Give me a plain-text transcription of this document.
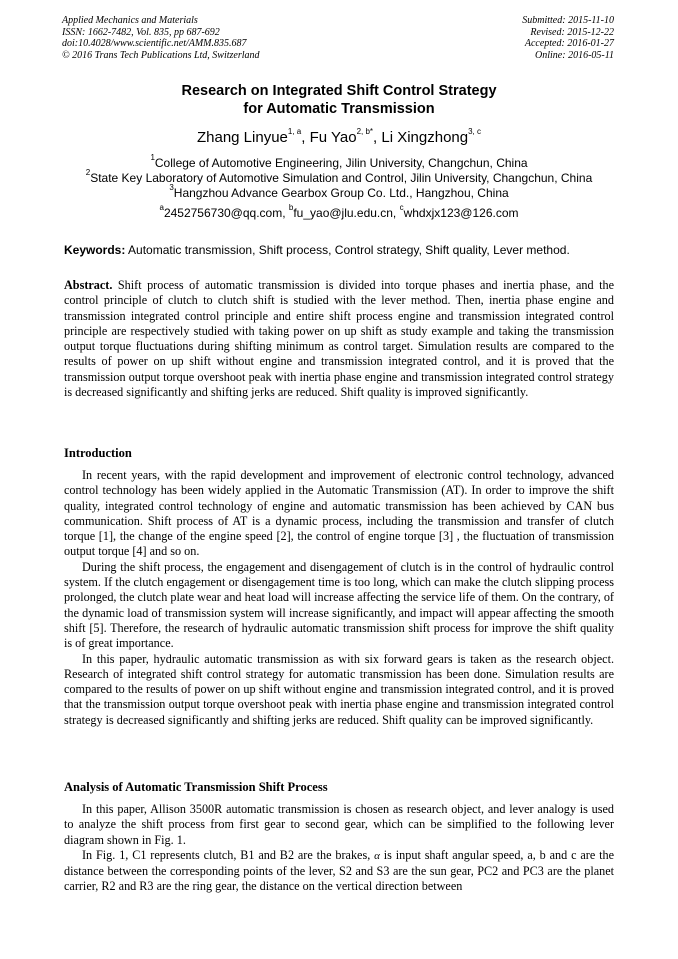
Applied Mechanics and Materials
ISSN: 1662-7482, Vol. 835, pp 687-692
doi:10.4028/www.scientific.net/AMM.835.687
© 2016 Trans Tech Publications Ltd, Switzerland
Submitted: 2015-11-10
Revised: 2015-12-22
Accepted: 2016-01-27
Online: 2016-05-11
Research on Integrated Shift Control Strategy
for Automatic Transmission
Zhang Linyue$^{1, a}$, Fu Yao$^{2, b*}$, Li Xingzhong$^{3, c}$
$^1$College of Automotive Engineering, Jilin University, Changchun, China
$^2$State Key Laboratory of Automotive Simulation and Control, Jilin University, Changchun, China
$^3$Hangzhou Advance Gearbox Group Co. Ltd., Hangzhou, China
$^a$2452756730@qq.com, $^b$fu_yao@jlu.edu.cn, $^c$whdxjx123@126.com
Keywords: Automatic transmission, Shift process, Control strategy, Shift quality, Lever method.

Abstract. Shift process of automatic transmission is divided into torque phases and inertia phase, and the control principle of clutch to clutch shift is studied with the lever method. Then, inertia phase engine and transmission integrated control principle and entire shift process engine and transmission integrated control principle are respectively studied with taking power on up shift as study example and taking the transmission output torque fluctuations during shifting minimum as control target. Simulation results are compared to the results of power on up shift without engine and transmission integrated control, and it is proved that the transmission output torque overshoot peak with inertia phase engine and transmission integrated control strategy is decreased significantly and shifting jerks are reduced. Shift quality is improved significantly.

Introduction

In recent years, with the rapid development and improvement of electronic control technology, advanced control technology has been widely applied in the Automatic Transmission (AT). In order to improve the shift quality, integrated control technology of engine and automatic transmission has been achieved by CAN bus communication. Shift process of AT is a dynamic process, including the transmission and transfer of clutch torque [1], the change of the engine speed [2], the control of engine torque [3] , the fluctuation of transmission output torque [4] and so on.

During the shift process, the engagement and disengagement of clutch is in the control of hydraulic control system. If the clutch engagement or disengagement time is too long, which can make the clutch slipping process prolonged, the clutch plate wear and heat load will increase affecting the service life of them. On the contrary, of the dynamic load of transmission system will increase significantly, and impact will appear affecting the smooth shift [5]. Therefore, the research of hydraulic automatic transmission shift process for improve the shift quality is of great importance.

In this paper, hydraulic automatic transmission as with six forward gears is taken as the research object. Research of integrated shift control strategy for automatic transmission has been done. Simulation results are compared to the results of power on up shift without engine and transmission integrated control, and it is proved that the transmission output torque overshoot peak with inertia phase engine and transmission integrated control strategy is decreased significantly and shifting jerks are reduced. Shift quality can be improved significantly.

Analysis of Automatic Transmission Shift Process

In this paper, Allison 3500R automatic transmission is chosen as research object, and lever analogy is used to analyze the shift process from first gear to second gear, which can be simplified to the following lever diagram shown in Fig. 1.

In Fig. 1, C1 represents clutch, B1 and B2 are the brakes, α is input shaft angular speed, a, b and c are the distance between the corresponding points of the lever, S2 and S3 are the sun gear, PC2 and PC3 are the planet carrier, R2 and R3 are the ring gear, the distance on the vertical direction between
